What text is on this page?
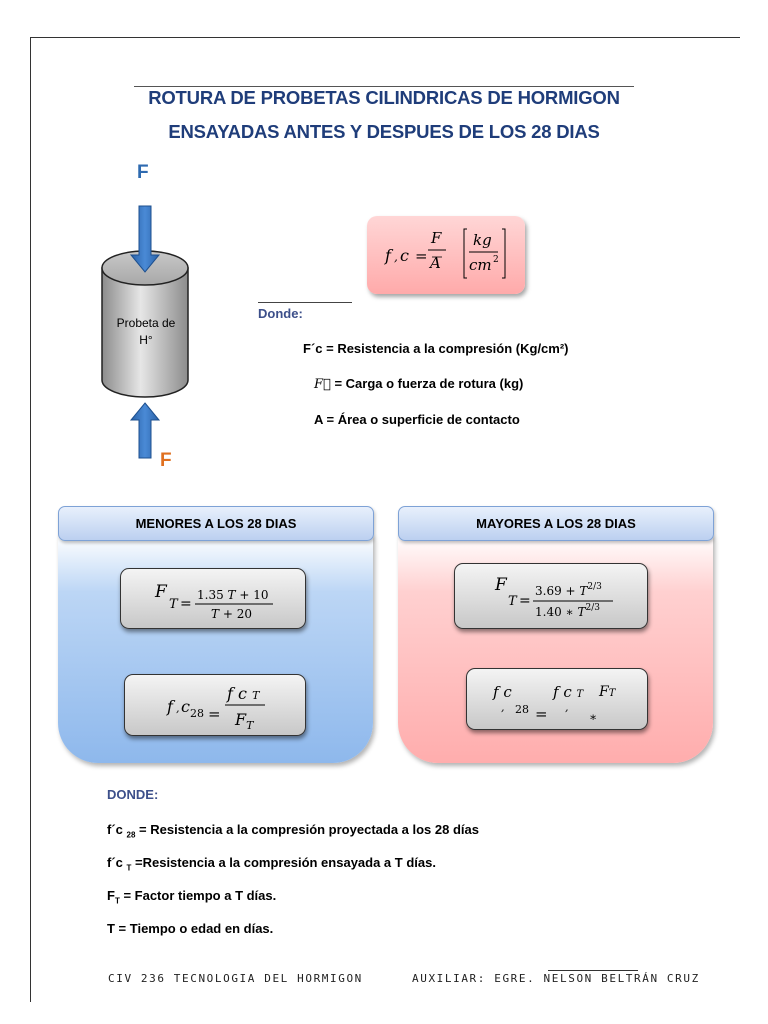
ROTURA DE PROBETAS CILINDRICAS DE HORMIGON
ENSAYADAS ANTES Y DESPUES DE LOS 28 DIAS
F
Probeta de
H°
F
f , c =
F
A
kg
cm 2
Donde:
F´c = Resistencia a la compresión (Kg/cm²)
F⃗ = Carga o fuerza de rotura (kg)
A = Área o superficie de contacto
MENORES A LOS 28 DIAS	MAYORES A LOS 28 DIAS
F
T =
1.35 T + 10
T + 20
f , c 28 =
f c T
$F_T$
F
T =
$3.69 + T^{2/3}$
1.40 ∗ $T^{2/3}$
f c
, 28 =
f c T
,
FT
∗
DONDE:
f´c $_{28}$ = Resistencia a la compresión proyectada a los 28 días
f´c $_T$ =Resistencia a la compresión ensayada a T días.
$F_T$ = Factor tiempo a T días.
T = Tiempo o edad en días.
CIV 236 TECNOLOGIA DEL HORMIGON	AUXILIAR: EGRE. NELSON BELTRÁN CRUZ
